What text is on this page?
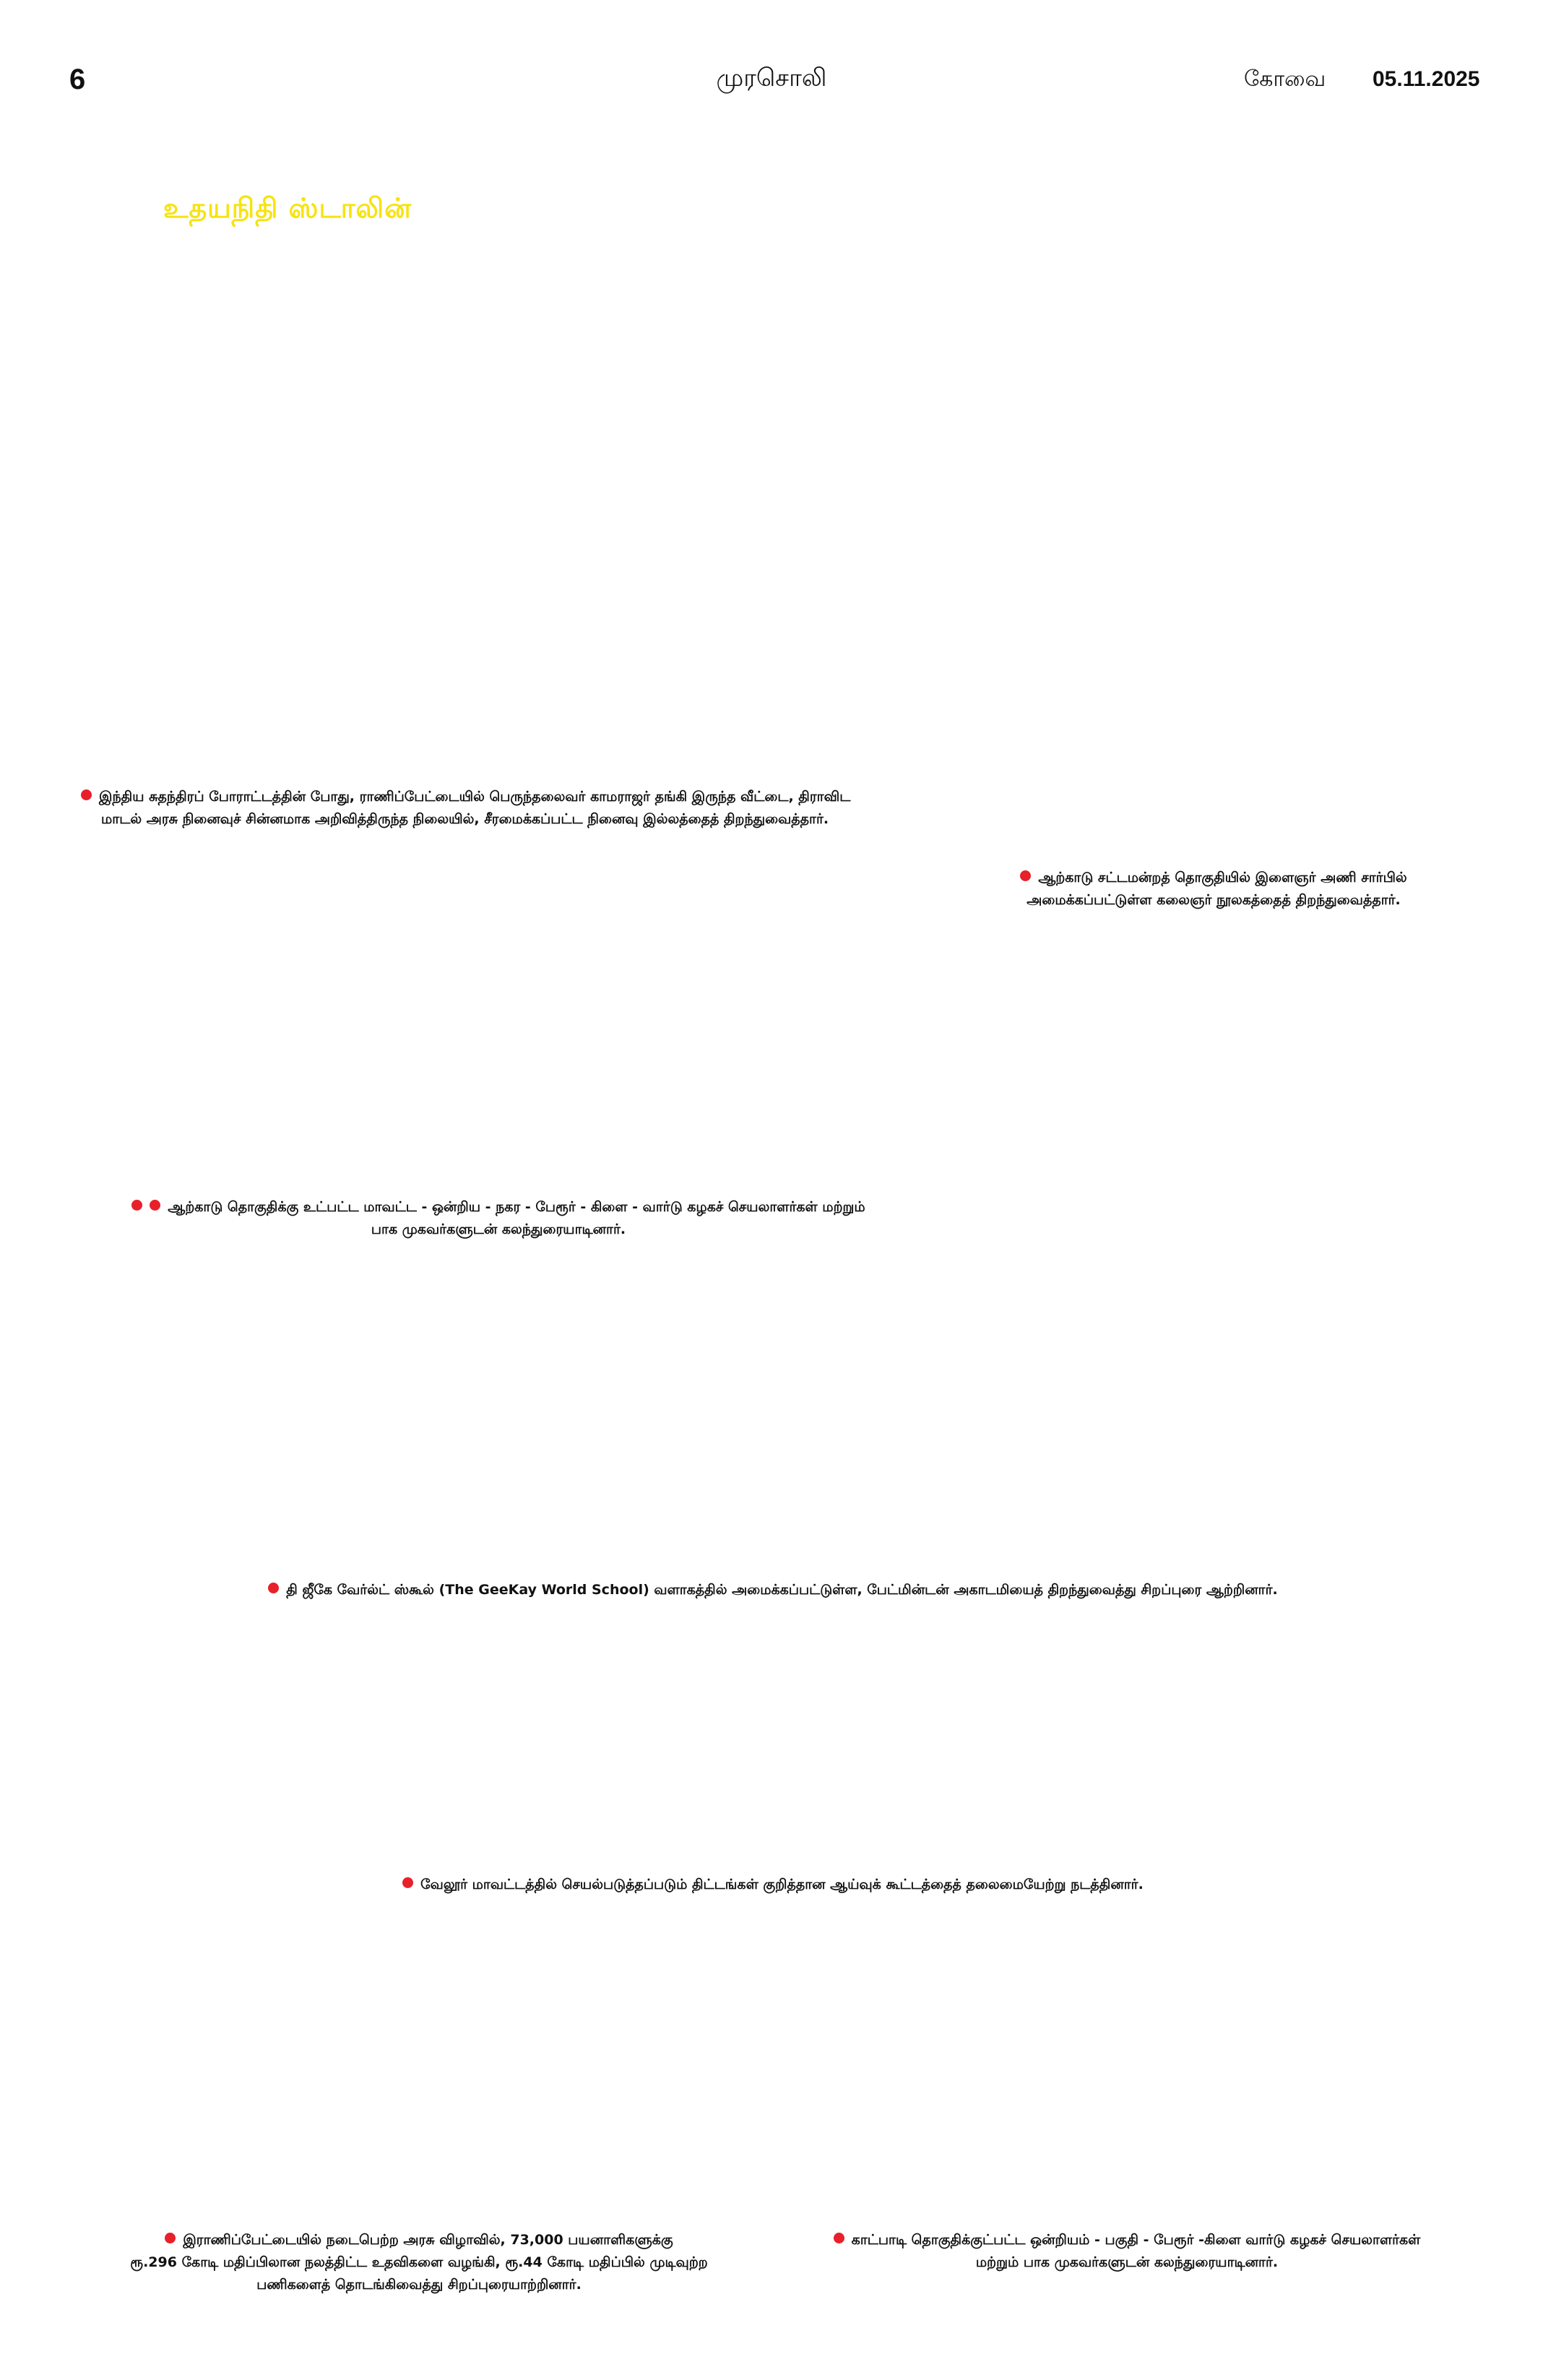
6	முரசொலி	கோவை 05.11.2025
உதயநிதி ஸ்டாலின்
இந்திய சுதந்திரப் போராட்டத்தின் போது, ராணிப்பேட்டையில் பெருந்தலைவர் காமராஜர் தங்கி இருந்த வீட்டை, திராவிட
மாடல் அரசு நினைவுச் சின்னமாக அறிவித்திருந்த நிலையில், சீரமைக்கப்பட்ட நினைவு இல்லத்தைத் திறந்துவைத்தார்.
ஆற்காடு சட்டமன்றத் தொகுதியில் இளைஞர் அணி சார்பில்
அமைக்கப்பட்டுள்ள கலைஞர் நூலகத்தைத் திறந்துவைத்தார்.
ஆற்காடு தொகுதிக்கு உட்பட்ட மாவட்ட - ஒன்றிய - நகர - பேரூர் - கிளை - வார்டு கழகச் செயலாளர்கள் மற்றும்
பாக முகவர்களுடன் கலந்துரையாடினார்.
தி ஜீகே வேர்ல்ட் ஸ்கூல் (The GeeKay World School) வளாகத்தில் அமைக்கப்பட்டுள்ள, பேட்மின்டன் அகாடமியைத் திறந்துவைத்து சிறப்புரை ஆற்றினார்.
வேலூர் மாவட்டத்தில் செயல்படுத்தப்படும் திட்டங்கள் குறித்தான ஆய்வுக் கூட்டத்தைத் தலைமையேற்று நடத்தினார்.
இராணிப்பேட்டையில் நடைபெற்ற அரசு விழாவில், 73,000 பயனாளிகளுக்கு
ரூ.296 கோடி மதிப்பிலான நலத்திட்ட உதவிகளை வழங்கி, ரூ.44 கோடி மதிப்பில் முடிவுற்ற
பணிகளைத் தொடங்கிவைத்து சிறப்புரையாற்றினார்.
காட்பாடி தொகுதிக்குட்பட்ட ஒன்றியம் - பகுதி - பேரூர் -கிளை வார்டு கழகச் செயலாளர்கள்
மற்றும் பாக முகவர்களுடன் கலந்துரையாடினார்.
